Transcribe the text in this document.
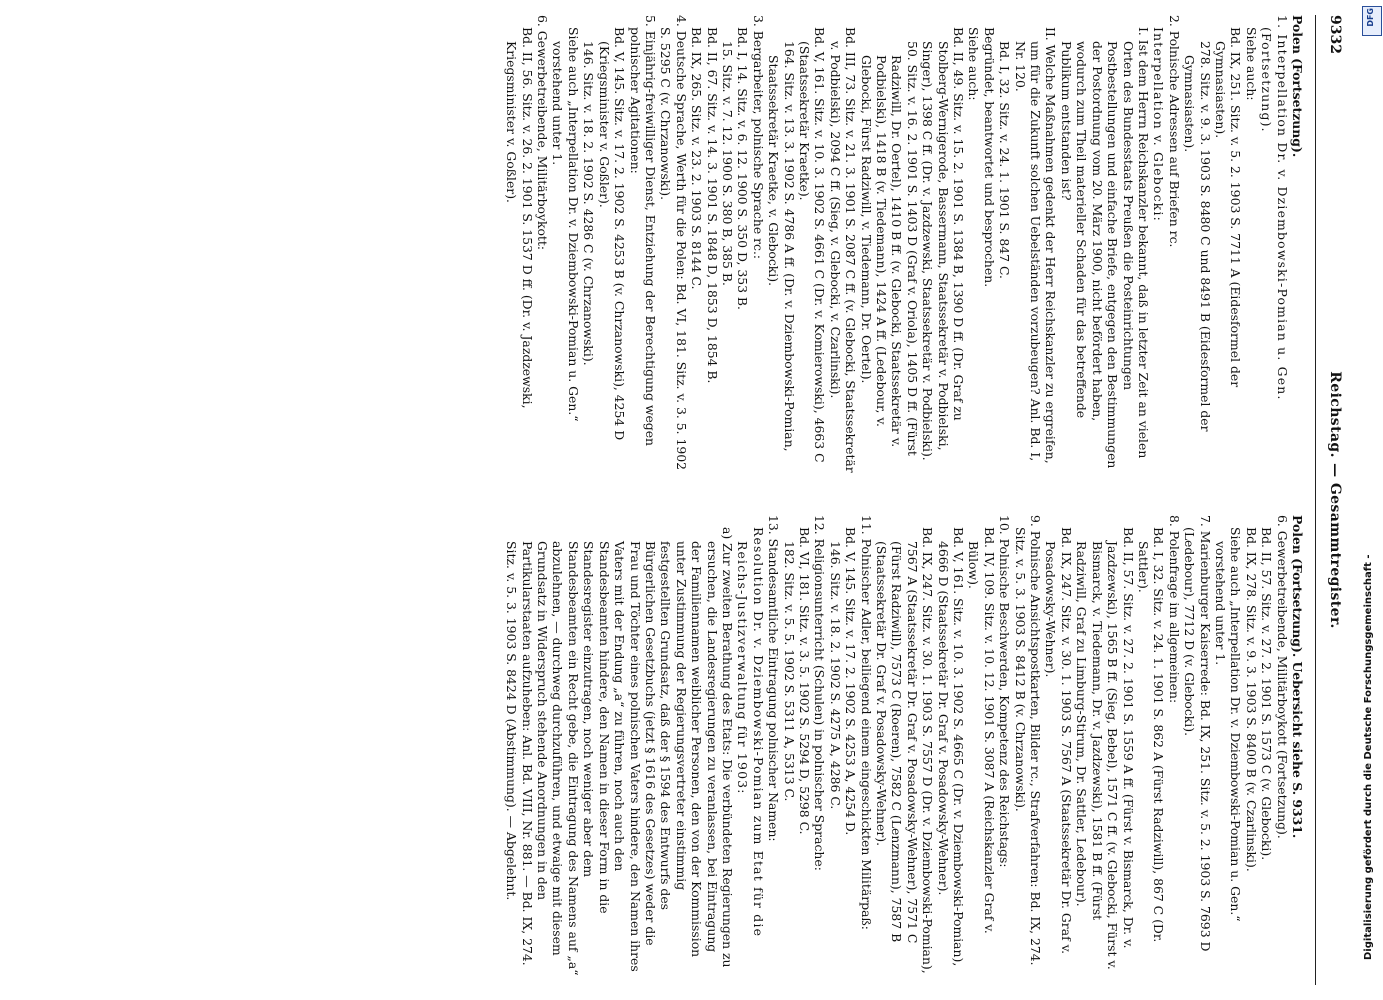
9332
Reichstag. — Gesammtregister.

Polen (Fortsetzung).

1. Interpellation Dr. v. Dziembowski-Pomian u. Gen. (Fortsetzung).

Siehe auch:

Bd. IX, 251. Sitz. v. 5. 2. 1903 S. 7711 A (Eidesformel der Gymnasiasten).

278. Sitz. v. 9. 3. 1903 S. 8480 C und 8491 B (Eidesformel der Gymnasiasten).

2. Polnische Adressen auf Briefen rc.

Interpellation v. Glebocki:

I. Ist dem Herrn Reichskanzler bekannt, daß in letzter Zeit an vielen Orten des Bundesstaats Preußen die Posteinrichtungen Postbestellungen und einfache Briefe, entgegen den Bestimmungen der Postordnung vom 20. März 1900, nicht befördert haben, wodurch zum Theil materieller Schaden für das betreffende Publikum entstanden ist?

II. Welche Maßnahmen gedenkt der Herr Reichskanzler zu ergreifen, um für die Zukunft solchen Uebelständen vorzubeugen? Anl. Bd. I, Nr. 120.

Bd. I, 32. Sitz. v. 24. 1. 1901 S. 847 C.

Begründet, beantwortet und besprochen.

Siehe auch:

Bd. II, 49. Sitz. v. 15. 2. 1901 S. 1384 B, 1390 D ff. (Dr. Graf zu Stolberg-Wernigerode, Bassermann, Staatssekretär v. Podbielski, Singer), 1398 C ff. (Dr. v. Jazdzewski, Staatssekretär v. Podbielski).

50. Sitz. v. 16. 2. 1901 S. 1403 D (Graf v. Oriola), 1405 D ff. (Fürst Radziwill, Dr. Oertel), 1410 B ff. (v. Glebocki, Staatssekretär v. Podbielski), 1418 B (v. Tiedemann), 1424 A ff. (Ledebour, v. Glebocki, Fürst Radziwill, v. Tiedemann, Dr. Oertel).

Bd. III, 73. Sitz. v. 21. 3. 1901 S. 2087 C ff. (v. Glebocki, Staatssekretär v. Podbielski), 2094 C ff. (Sieg, v. Glebocki, v. Czarlinski).

Bd. V, 161. Sitz. v. 10. 3. 1902 S. 4661 C (Dr. v. Komierowski), 4663 C (Staatssekretär Kraetke).

164. Sitz. v. 13. 3. 1902 S. 4786 A ff. (Dr. v. Dziembowski-Pomian, Staatssekretär Kraetke, v. Glebocki).

3. Bergarbeiter, polnische Sprache rc.:

Bd. I, 14. Sitz. v. 6. 12. 1900 S. 350 D, 353 B.

15. Sitz. v. 7. 12. 1900 S. 380 B, 385 B.

Bd. II, 67. Sitz. v. 14. 3. 1901 S. 1848 D, 1853 D, 1854 B.

Bd. IX, 265. Sitz. v. 23. 2. 1903 S. 8144 C.

4. Deutsche Sprache, Werth für die Polen: Bd. VI, 181. Sitz. v. 3. 5. 1902 S. 5295 C (v. Chrzanowski).

5. Einjährig-freiwilliger Dienst, Entziehung der Berechtigung wegen polnischer Agitationen:

Bd. V, 145. Sitz. v. 17. 2. 1902 S. 4253 B (v. Chrzanowski), 4254 D (Kriegsminister v. Goßler).

146. Sitz. v. 18. 2. 1902 S. 4286 C (v. Chrzanowski).

Siehe auch „Interpellation Dr. v. Dziembowski-Pomian u. Gen.“ vorstehend unter 1.

6. Gewerbetreibende, Militärboykott:

Bd. II, 56. Sitz. v. 26. 2. 1901 S. 1537 D ff. (Dr. v. Jazdzewski, Kriegsminister v. Goßler).

Polen (Fortsetzung). Uebersicht siehe S. 9331.

6. Gewerbetreibende, Militärboykott (Fortsetzung).

Bd. II, 57. Sitz. v. 27. 2. 1901 S. 1573 C (v. Glebocki).

Bd. IX, 278. Sitz. v. 9. 3. 1903 S. 8400 B (v. Czarlinski).

Siehe auch „Interpellation Dr. v. Dziembowski-Pomian u. Gen.“ vorstehend unter 1.

7. Marienburger Kaiserrede: Bd. IX, 251. Sitz. v. 5. 2. 1903 S. 7693 D (Ledebour), 7712 D (v. Glebocki).

8. Polenfrage im allgemeinen:

Bd. I, 32. Sitz. v. 24. 1. 1901 S. 862 A (Fürst Radziwill), 867 C (Dr. Sattler).

Bd. II, 57. Sitz. v. 27. 2. 1901 S. 1559 A ff. (Fürst v. Bismarck, Dr. v. Jazdzewski), 1565 B ff. (Sieg, Bebel), 1571 C ff. (v. Glebocki, Fürst v. Bismarck, v. Tiedemann, Dr. v. Jazdzewski), 1581 B ff. (Fürst Radziwill, Graf zu Limburg-Stirum, Dr. Sattler, Ledebour).

Bd. IX, 247. Sitz. v. 30. 1. 1903 S. 7567 A (Staatssekretär Dr. Graf v. Posadowsky-Wehner).

9. Polnische Ansichtspostkarten, Bilder rc., Strafverfahren: Bd. IX, 274. Sitz. v. 5. 3. 1903 S. 8412 B (v. Chrzanowski).

10. Polnische Beschwerden, Kompetenz des Reichstags:

Bd. IV, 109. Sitz. v. 10. 12. 1901 S. 3087 A (Reichskanzler Graf v. Bülow).

Bd. V, 161. Sitz. v. 10. 3. 1902 S. 4665 C (Dr. v. Dziembowski-Pomian), 4666 D (Staatssekretär Dr. Graf v. Posadowsky-Wehner).

Bd. IX, 247. Sitz. v. 30. 1. 1903 S. 7557 D (Dr. v. Dziembowski-Pomian), 7567 A (Staatssekretär Dr. Graf v. Posadowsky-Wehner), 7571 C (Fürst Radziwill), 7573 C (Roeren), 7582 C (Lenzmann), 7587 B (Staatssekretär Dr. Graf v. Posadowsky-Wehner).

11. Polnischer Adler, beiliegend einem eingeschickten Militärpaß:

Bd. V, 145. Sitz. v. 17. 2. 1902 S. 4253 A, 4254 D.

146. Sitz. v. 18. 2. 1902 S. 4275 A, 4286 C.

12. Religionsunterricht (Schulen) in polnischer Sprache:

Bd. VI, 181. Sitz. v. 3. 5. 1902 S. 5294 D, 5298 C.

182. Sitz. v. 5. 5. 1902 S. 5311 A, 5313 C.

13. Standesamtliche Eintragung polnischer Namen:

Resolution Dr. v. Dziembowski-Pomian zum Etat für die Reichs-Justizverwaltung für 1903:

a) Zur zweiten Berathung des Etats: Die verbündeten Regierungen zu ersuchen, die Landesregierungen zu veranlassen, bei Eintragung der Familiennamen weiblicher Personen, den von der Kommission unter Zustimmung der Regierungsvertreter einstimmig festgestellten Grundsatz, daß der § 1594 des Entwurfs des Bürgerlichen Gesetzbuchs (jetzt § 1616 des Gesetzes) weder die Frau und Töchter eines polnischen Vaters hindere, den Namen ihres Vaters mit der Endung „a“ zu führen, noch auch den Standesbeamten hindere, den Namen in dieser Form in die Standesregister einzutragen, noch weniger aber dem Standesbeamten ein Recht gebe, die Eintragung des Namens auf „a“ abzulehnen, — durchweg durchzuführen, und etwaige mit diesem Grundsatz in Widerspruch stehende Anordnungen in den Partikularstaaten aufzuheben: Anl. Bd. VIII, Nr. 881. — Bd. IX, 274. Sitz. v. 5. 3. 1903 S. 8424 D (Abstimmung). — Abgelehnt.	Digitalisierung gefördert durch die Deutsche Forschungsgemeinschaft -
DFG
